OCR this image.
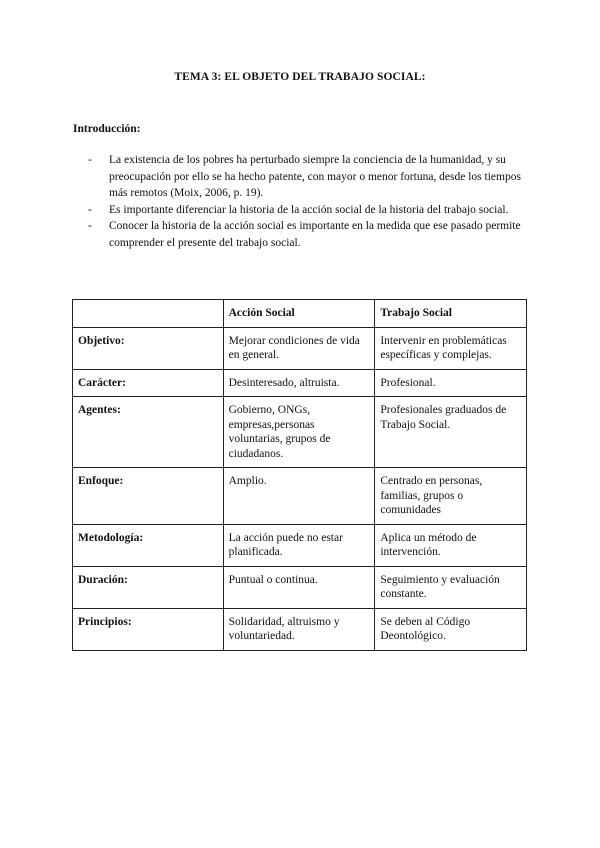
TEMA 3: EL OBJETO DEL TRABAJO SOCIAL:
Introducción:
- La existencia de los pobres ha perturbado siempre la conciencia de la humanidad, y su preocupación por ello se ha hecho patente, con mayor o menor fortuna, desde los tiempos más remotos (Moix, 2006, p. 19).
- Es importante diferenciar la historia de la acción social de la historia del trabajo social.
- Conocer la historia de la acción social es importante en la medida que ese pasado permite comprender el presente del trabajo social.
	Acción Social	Trabajo Social
Objetivo:	Mejorar condiciones de vida en general.	Intervenir en problemáticas específicas y complejas.
Carácter:	Desinteresado, altruista.	Profesional.
Agentes:	Gobierno, ONGs, empresas,personas voluntarias, grupos de ciudadanos.	Profesionales graduados de Trabajo Social.
Enfoque:	Amplio.	Centrado en personas, familias, grupos o comunidades
Metodología:	La acción puede no estar planificada.	Aplica un método de intervención.
Duración:	Puntual o continua.	Seguimiento y evaluación constante.
Principios:	Solidaridad, altruismo y voluntariedad.	Se deben al Código Deontológico.
